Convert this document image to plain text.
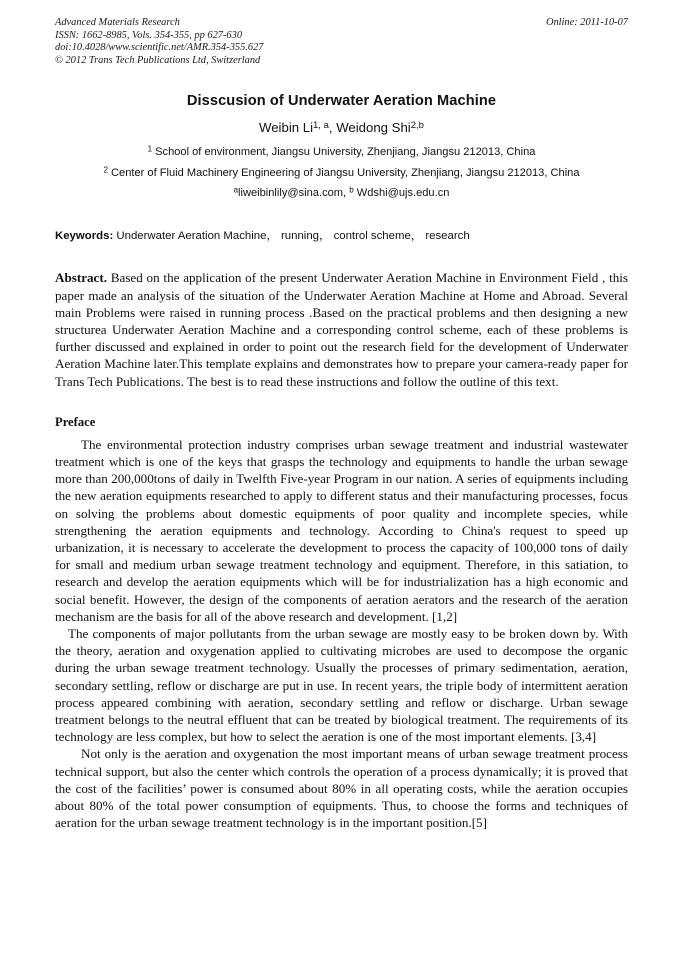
Advanced Materials Research
ISSN: 1662-8985, Vols. 354-355, pp 627-630
doi:10.4028/www.scientific.net/AMR.354-355.627
© 2012 Trans Tech Publications Ltd, Switzerland
Online: 2011-10-07
Disscusion of Underwater Aeration Machine
Weibin Li$^{1, a}$, Weidong Shi$^{2,b}$
$^1$ School of environment, Jiangsu University, Zhenjiang, Jiangsu 212013, China
$^2$ Center of Fluid Machinery Engineering of Jiangsu University, Zhenjiang, Jiangsu 212013, China
$^a$liweibinlily@sina.com, $^b$ Wdshi@ujs.edu.cn

Keywords: Underwater Aeration Machine， running， control scheme， research

Abstract. Based on the application of the present Underwater Aeration Machine in Environment Field , this paper made an analysis of the situation of the Underwater Aeration Machine at Home and Abroad. Several main Problems were raised in running process .Based on the practical problems and then designing a new structurea Underwater Aeration Machine and a corresponding control scheme, each of these problems is further discussed and explained in order to point out the research field for the development of Underwater Aeration Machine later.This template explains and demonstrates how to prepare your camera-ready paper for Trans Tech Publications. The best is to read these instructions and follow the outline of this text.

Preface

The environmental protection industry comprises urban sewage treatment and industrial wastewater treatment which is one of the keys that grasps the technology and equipments to handle the urban sewage more than 200,000tons of daily in Twelfth Five-year Program in our nation. A series of equipments including the new aeration equipments researched to apply to different status and their manufacturing processes, focus on solving the problems about domestic equipments of poor quality and incomplete species, while strengthening the aeration equipments and technology. According to China's request to speed up urbanization, it is necessary to accelerate the development to process the capacity of 100,000 tons of daily for small and medium urban sewage treatment technology and equipment. Therefore, in this satiation, to research and develop the aeration equipments which will be for industrialization has a high economic and social benefit. However, the design of the components of aeration aerators and the research of the aeration mechanism are the basis for all of the above research and development. [1,2]

The components of major pollutants from the urban sewage are mostly easy to be broken down by. With the theory, aeration and oxygenation applied to cultivating microbes are used to decompose the organic during the urban sewage treatment technology. Usually the processes of primary sedimentation, aeration, secondary settling, reflow or discharge are put in use. In recent years, the triple body of intermittent aeration process appeared combining with aeration, secondary settling and reflow or discharge. Urban sewage treatment belongs to the neutral effluent that can be treated by biological treatment. The requirements of its technology are less complex, but how to select the aeration is one of the most important elements. [3,4]

Not only is the aeration and oxygenation the most important means of urban sewage treatment process technical support, but also the center which controls the operation of a process dynamically; it is proved that the cost of the facilities’ power is consumed about 80% in all operating costs, while the aeration occupies about 80% of the total power consumption of equipments. Thus, to choose the forms and techniques of aeration for the urban sewage treatment technology is in the important position.[5]
